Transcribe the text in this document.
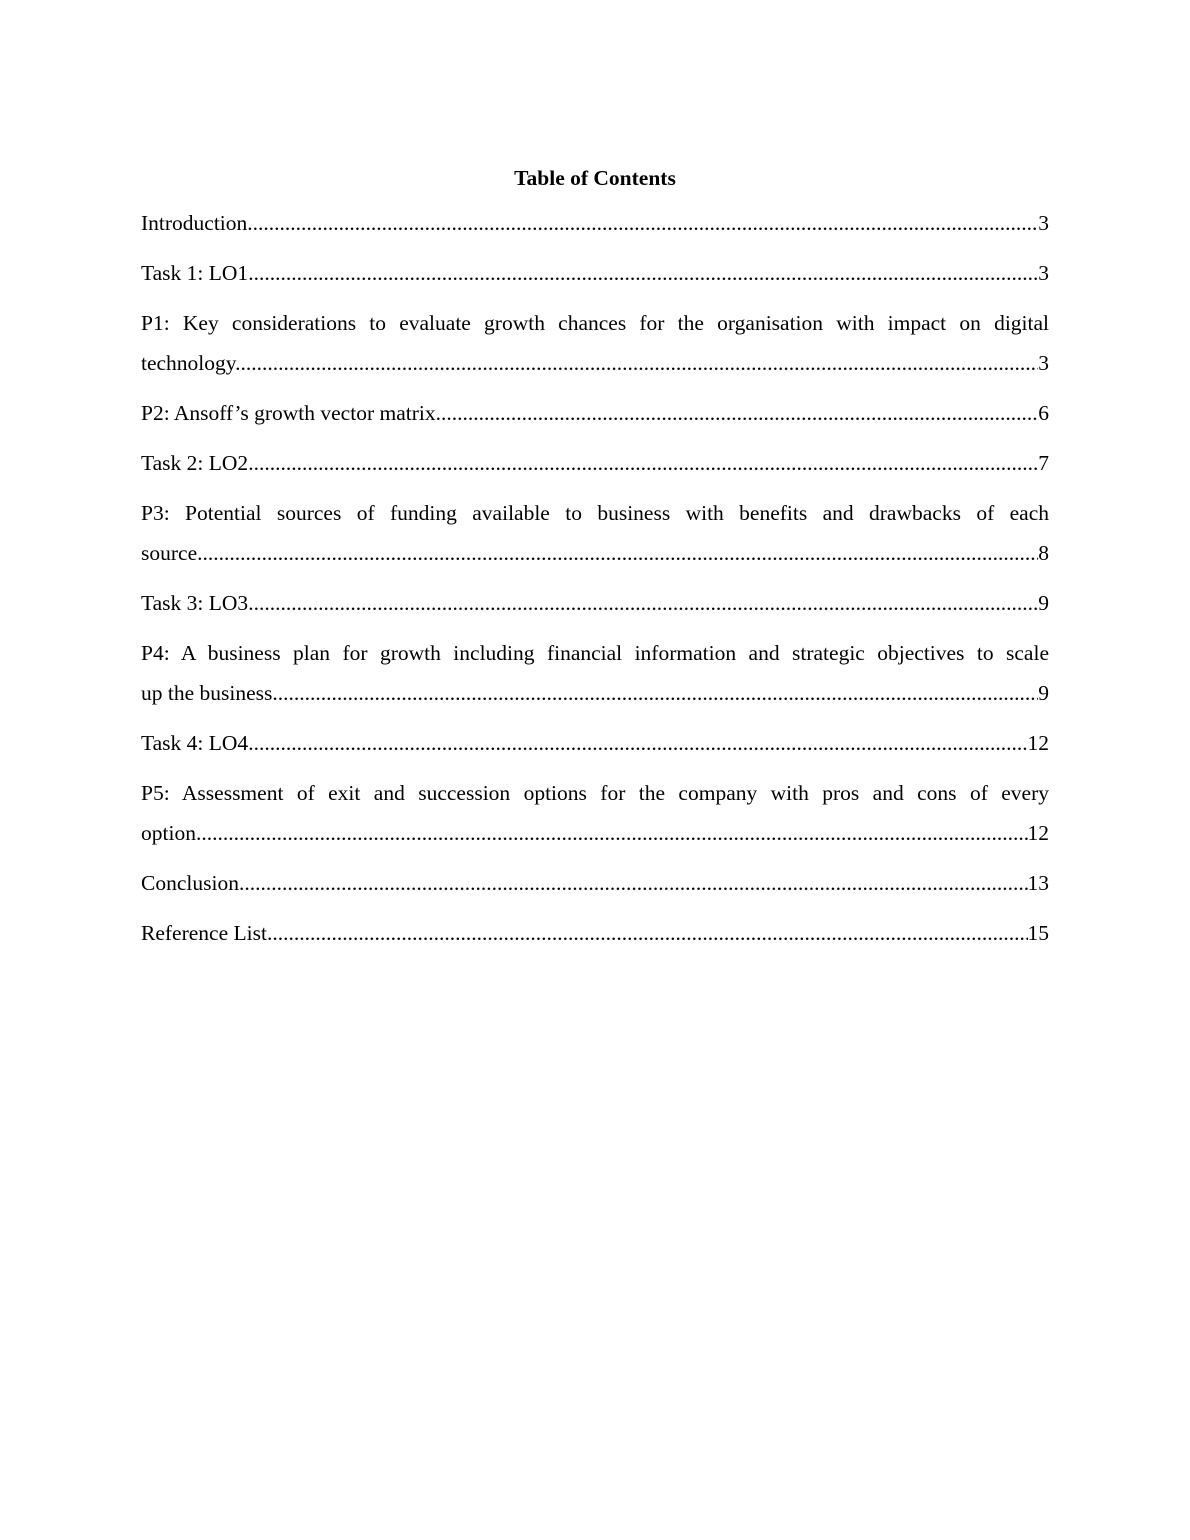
Table of Contents
Introduction .....	3
Task 1: LO1 .....	3
P1: Key considerations to evaluate growth chances for the organisation with impact on digital
technology .....	3
P2: Ansoff’s growth vector matrix .....	6
Task 2: LO2 .....	7
P3: Potential sources of funding available to business with benefits and drawbacks of each
source .....	8
Task 3: LO3 .....	9
P4: A business plan for growth including financial information and strategic objectives to scale
up the business .....	9
Task 4: LO4 .....	12
P5: Assessment of exit and succession options for the company with pros and cons of every
option .....	12
Conclusion .....	13
Reference List .....	15
